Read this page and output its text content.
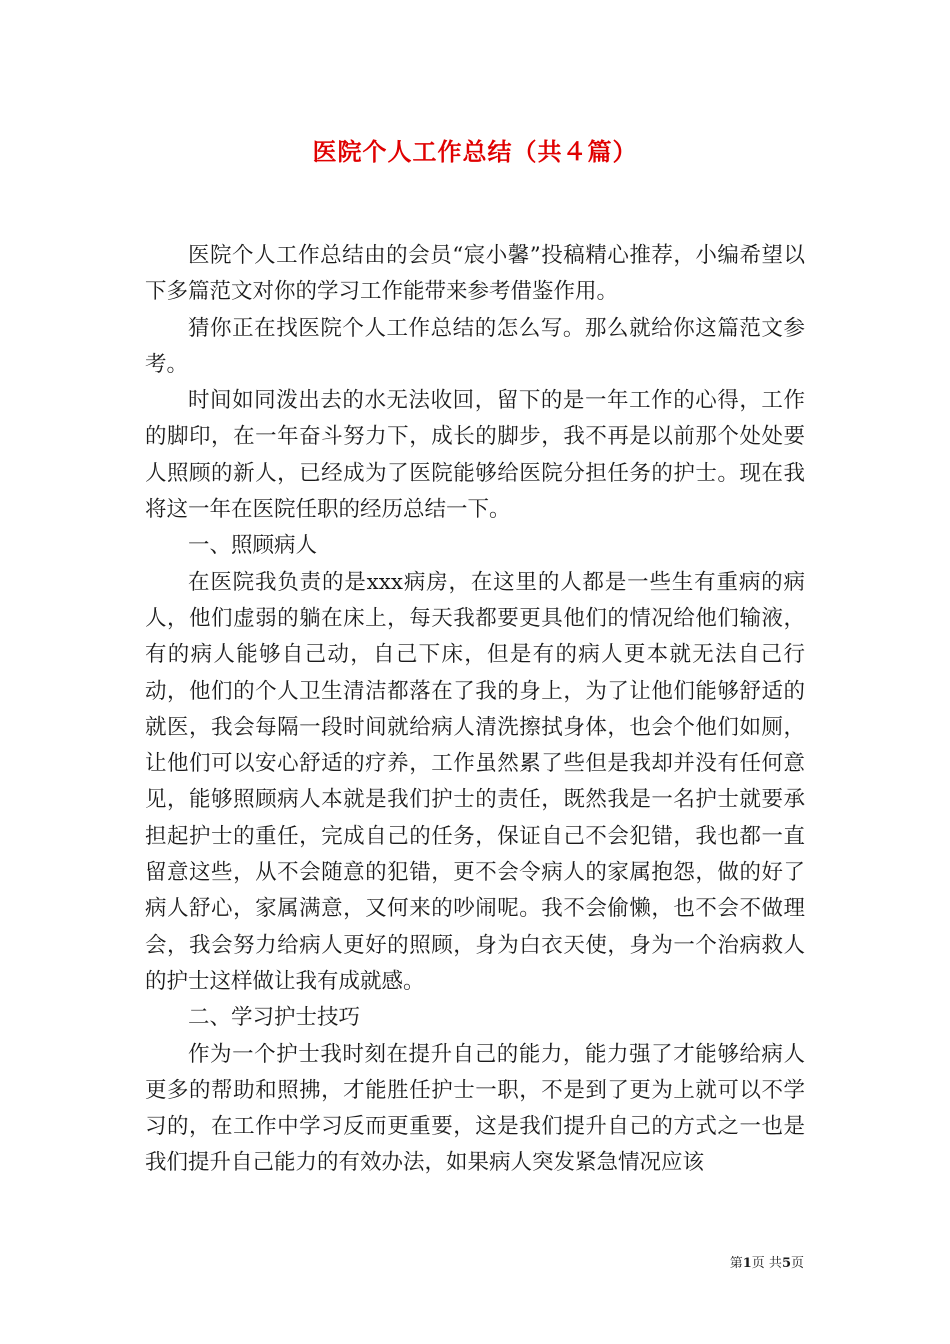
医院个人工作总结（共４篇）

医院个人工作总结由的会员“宸小馨”投稿精心推荐，小编希望以下多篇范文对你的学习工作能带来参考借鉴作用。

猜你正在找医院个人工作总结的怎么写。那么就给你这篇范文参考。

时间如同泼出去的水无法收回，留下的是一年工作的心得，工作的脚印，在一年奋斗努力下，成长的脚步，我不再是以前那个处处要人照顾的新人，已经成为了医院能够给医院分担任务的护士。现在我将这一年在医院任职的经历总结一下。

一、照顾病人

在医院我负责的是xxx病房，在这里的人都是一些生有重病的病人，他们虚弱的躺在床上，每天我都要更具他们的情况给他们输液，有的病人能够自己动，自己下床，但是有的病人更本就无法自己行动，他们的个人卫生清洁都落在了我的身上，为了让他们能够舒适的就医，我会每隔一段时间就给病人清洗擦拭身体，也会个他们如厕，让他们可以安心舒适的疗养，工作虽然累了些但是我却并没有任何意见，能够照顾病人本就是我们护士的责任，既然我是一名护士就要承担起护士的重任，完成自己的任务，保证自己不会犯错，我也都一直留意这些，从不会随意的犯错，更不会令病人的家属抱怨，做的好了病人舒心，家属满意，又何来的吵闹呢。我不会偷懒，也不会不做理会，我会努力给病人更好的照顾，身为白衣天使，身为一个治病救人的护士这样做让我有成就感。

二、学习护士技巧

作为一个护士我时刻在提升自己的能力，能力强了才能够给病人更多的帮助和照拂，才能胜任护士一职，不是到了更为上就可以不学习的，在工作中学习反而更重要，这是我们提升自己的方式之一也是我们提升自己能力的有效办法，如果病人突发紧急情况应该

第1页 共5页
